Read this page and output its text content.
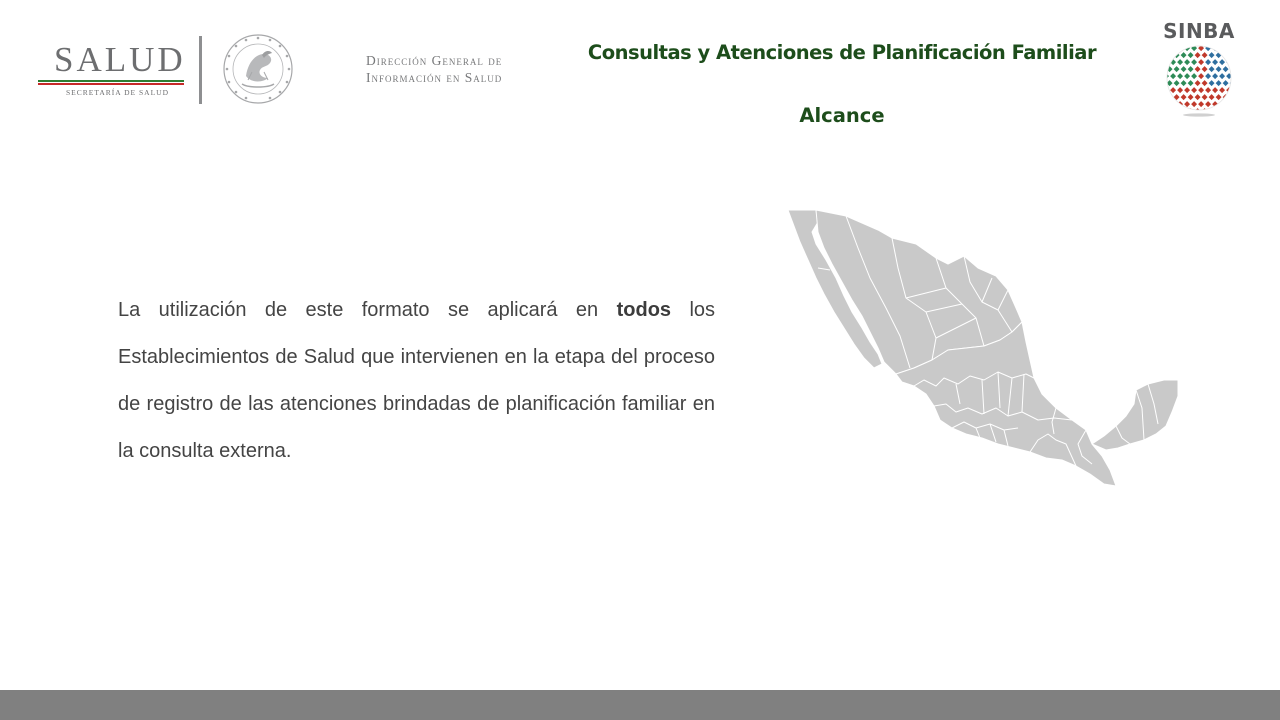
SALUD

SECRETARÍA DE SALUD

Dirección General de
Información en Salud

Consultas y Atenciones de Planificación Familiar
Alcance

SINBA

La utilización de este formato se aplicará en todos los Establecimientos de Salud que intervienen en la etapa del proceso de registro de las atenciones brindadas de planificación familiar en la consulta externa.
